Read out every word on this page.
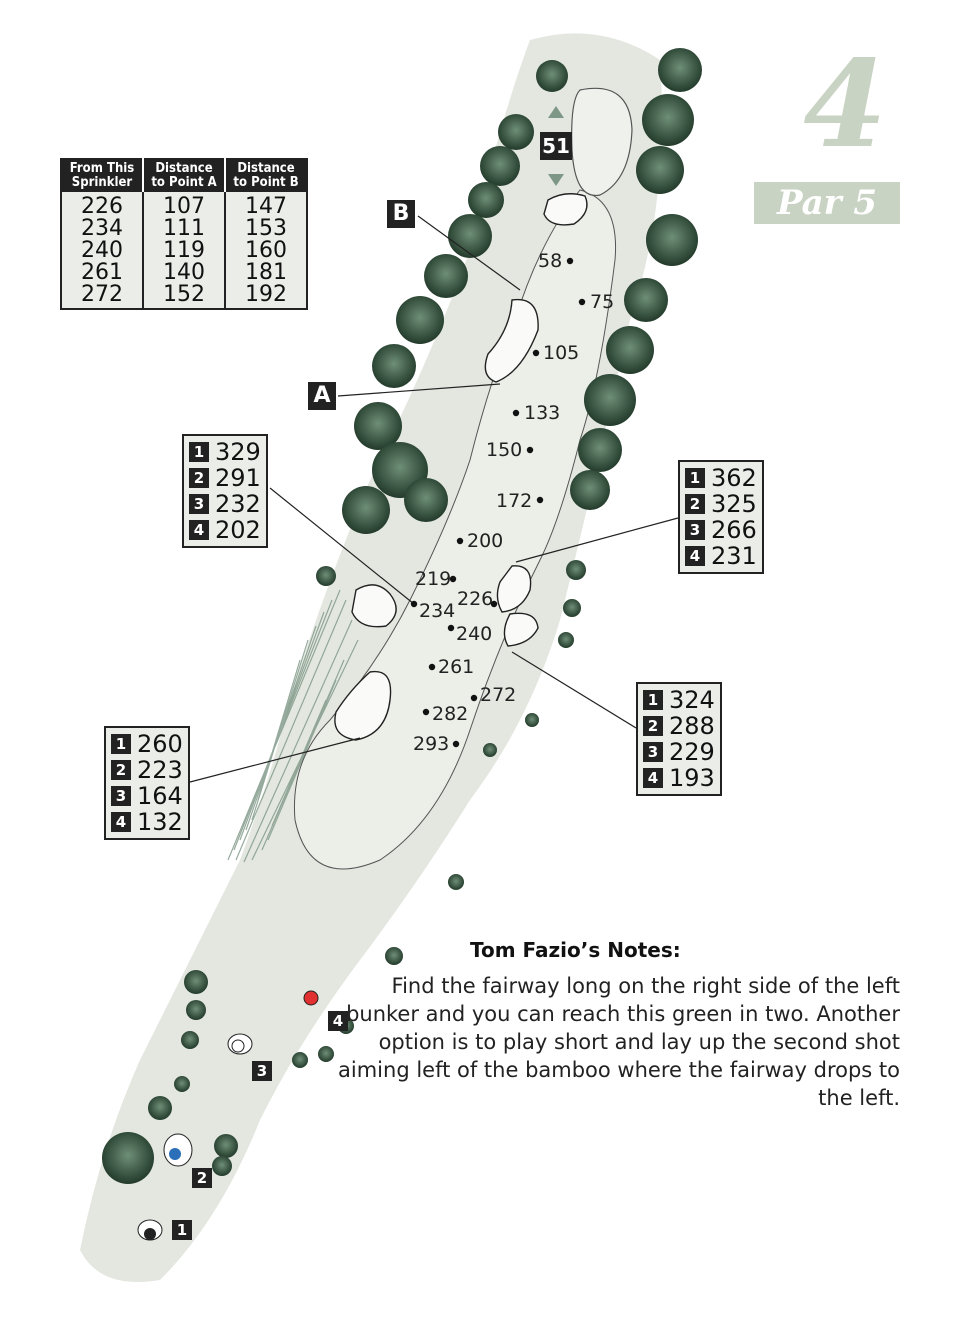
4
Par 5
From This Sprinkler	Distance to Point A	Distance to Point B
226	107	147
234	111	153
240	119	160
261	140	181
272	152	192
B
A
51
1 329
2 291
3 232
4 202
1 362
2 325
3 266
4 231
1 260
2 223
3 164
4 132
1 324
2 288
3 229
4 193
58
75
105
133
150
172
200
219
226
234
240
261
272
282
293
1
2
3
4
Tom Fazio’s Notes:
Find the fairway long on the right side of the left bunker and you can reach this green in two. Another option is to play short and lay up the second shot aiming left of the bamboo where the fairway drops to the left.
